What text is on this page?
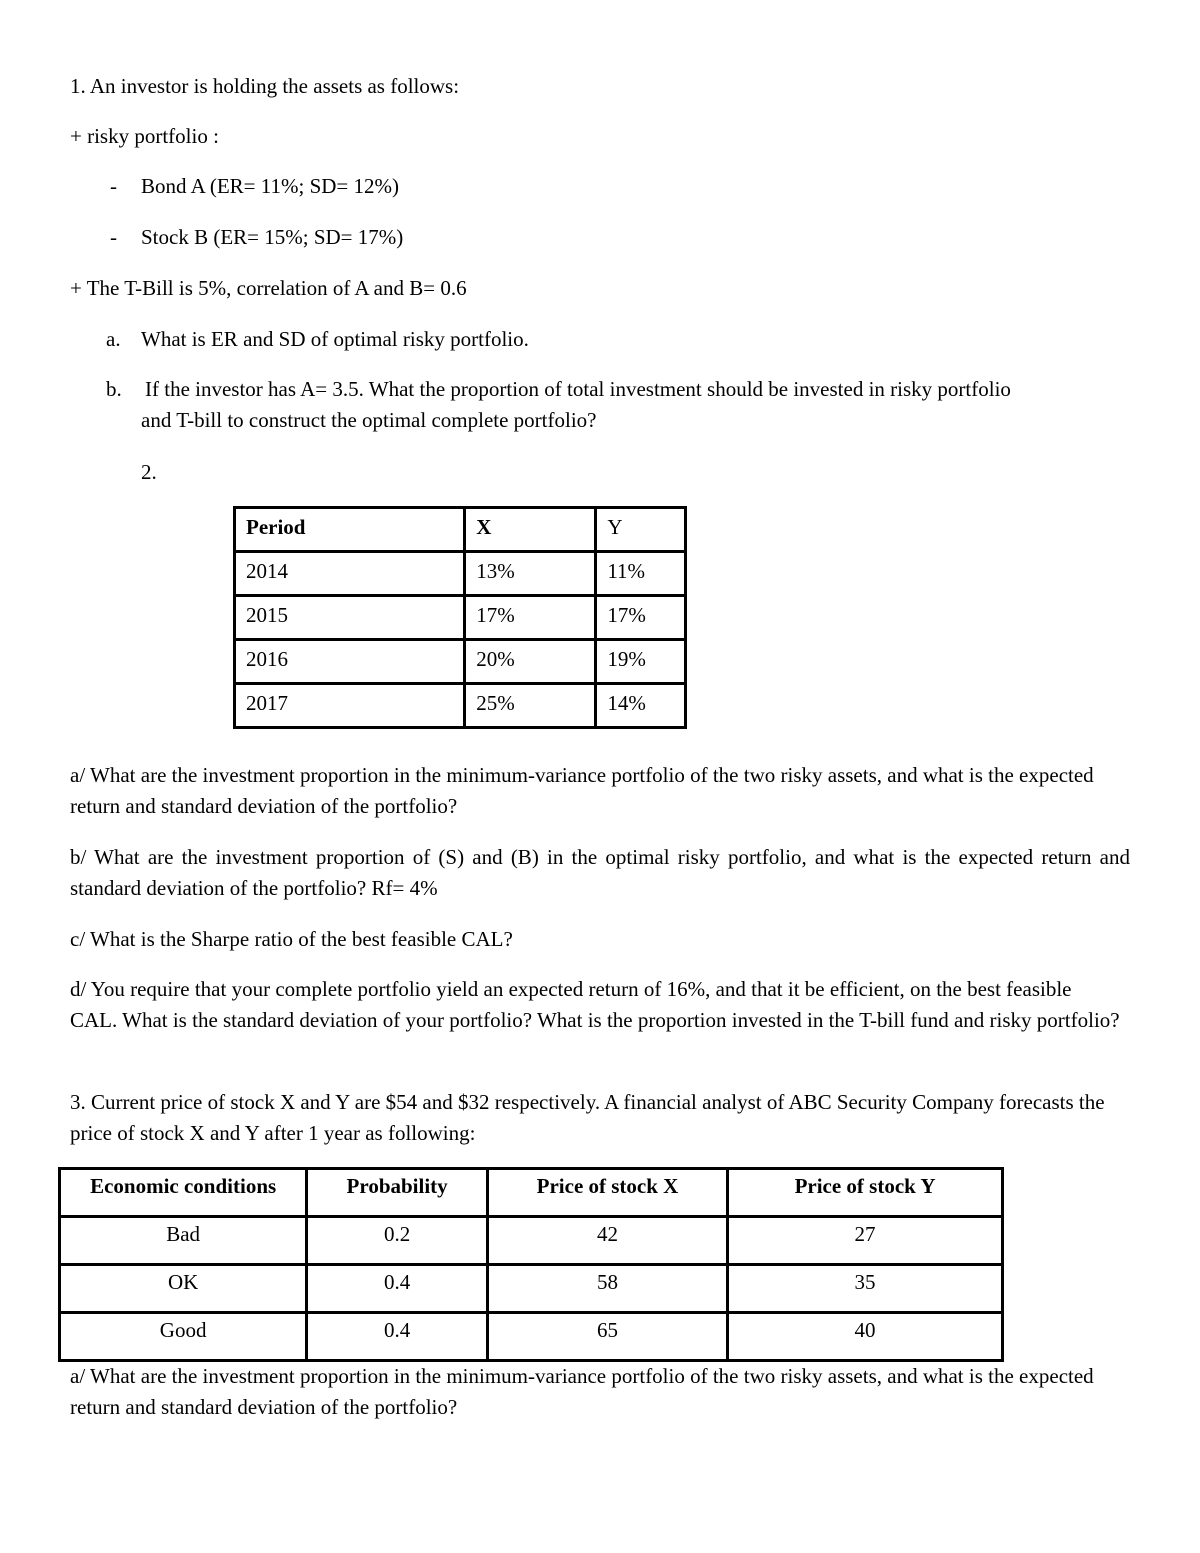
1. An investor is holding the assets as follows:
+ risky portfolio :
- Bond A (ER= 11%; SD= 12%)
- Stock B (ER= 15%; SD= 17%)
+ The T-Bill is 5%, correlation of A and B= 0.6
a. What is ER and SD of optimal risky portfolio.
b. If the investor has A= 3.5. What the proportion of total investment should be invested in risky portfolio
and T-bill to construct the optimal complete portfolio?
2.
Period	X	Y
2014	13%	11%
2015	17%	17%
2016	20%	19%
2017	25%	14%
a/ What are the investment proportion in the minimum-variance portfolio of the two risky assets, and what is the expected return and standard deviation of the portfolio?
b/ What are the investment proportion of (S) and (B) in the optimal risky portfolio, and what is the expected return and standard deviation of the portfolio? Rf= 4%
c/ What is the Sharpe ratio of the best feasible CAL?
d/ You require that your complete portfolio yield an expected return of 16%, and that it be efficient, on the best feasible CAL. What is the standard deviation of your portfolio? What is the proportion invested in the T-bill fund and risky portfolio?
3. Current price of stock X and Y are $54 and $32 respectively. A financial analyst of ABC Security Company forecasts the price of stock X and Y after 1 year as following:
Economic conditions	Probability	Price of stock X	Price of stock Y
Bad	0.2	42	27
OK	0.4	58	35
Good	0.4	65	40
a/ What are the investment proportion in the minimum-variance portfolio of the two risky assets, and what is the expected return and standard deviation of the portfolio?
